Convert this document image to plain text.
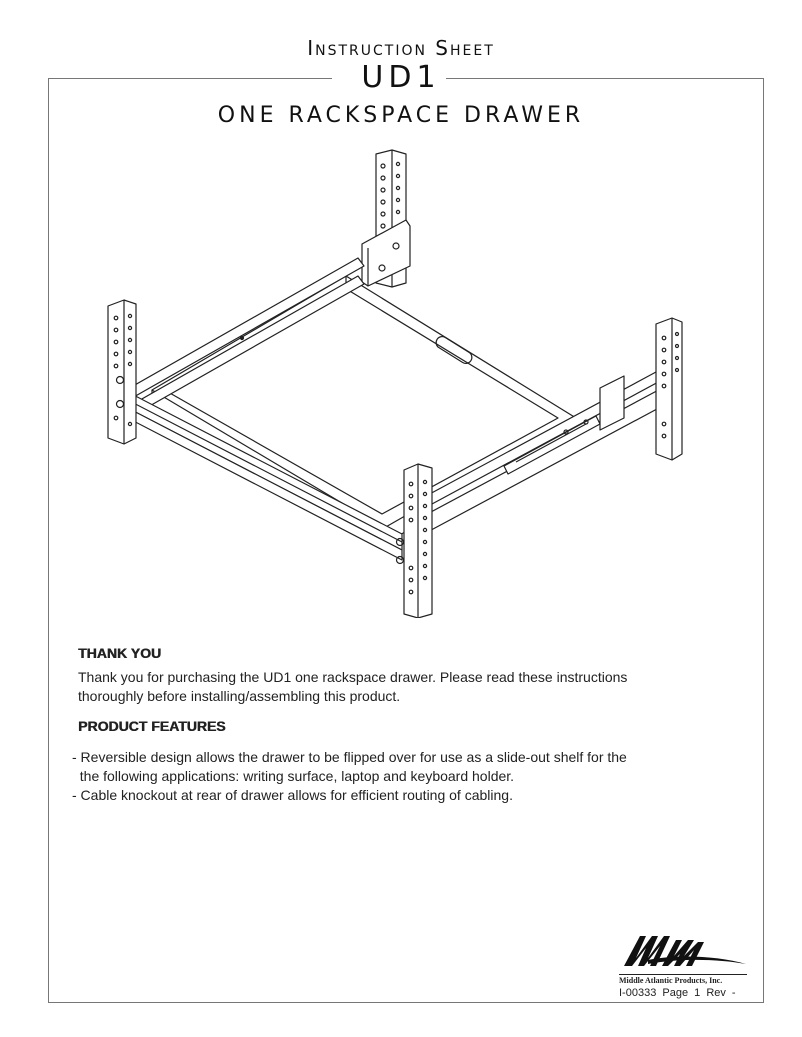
Instruction Sheet
UD1
ONE RACKSPACE DRAWER
THANK YOU
Thank you for purchasing the UD1 one rackspace drawer. Please read these instructions
thoroughly before installing/assembling this product.
PRODUCT FEATURES
- Reversible design allows the drawer to be flipped over for use as a slide-out shelf for the
the following applications: writing surface, laptop and keyboard holder.
- Cable knockout at rear of drawer allows for efficient routing of cabling.
Middle Atlantic Products, Inc.
I-00333 Page 1 Rev -
